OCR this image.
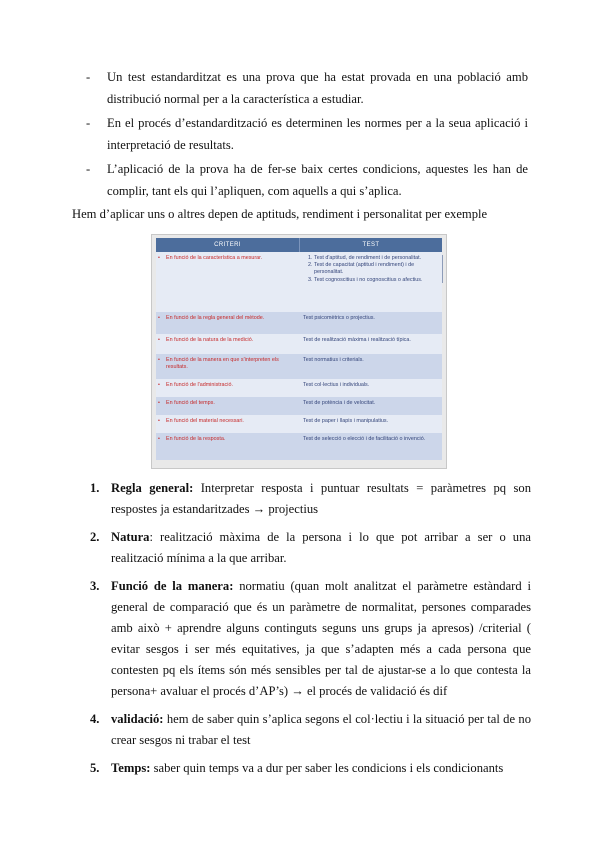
- Un test estandarditzat es una prova que ha estat provada en una població amb distribució normal per a la característica a estudiar.
- En el procés d’estandardització es determinen les normes per a la seua aplicació i interpretació de resultats.
- L’aplicació de la prova ha de fer-se baix certes condicions, aquestes les han de complir, tant els qui l’apliquen, com aquells a qui s’aplica.
Hem d’aplicar uns o altres depen de aptituds, rendiment i personalitat per exemple
CRITERI	TEST
•	En funció de la característica a mesurar.
1.	Test d'aptitud, de rendiment i de personalitat.
2. Test de capacitat (aptitud i rendiment) i de personalitat.
3. Test cognoscitius i no cognoscitius o afectius.
•	En funció de la regla general del mètode.	Test psicomètrics o projectius.
•	En funció de la natura de la medició.	Test de realització màxima i realització típica.
•	En funció de la manera en que s'interpreten els resultats.
Test normatius i criterials.
•	En funció de l'administració.	Test col·lectius i individuals.
•	En funció del temps.	Test de potència i de velocitat.
•	En funció del material necessari.	Test de paper i llapis i manipulatius.
•	En funció de la resposta.	Test de selecció o elecció i de facilitació o invenció.
1. Regla general: Interpretar resposta i puntuar resultats = paràmetres pq son respostes ja estandaritzades → projectius
2. Natura: realització màxima de la persona i lo que pot arribar a ser o una realització mínima a la que arribar.
3. Funció de la manera: normatiu (quan molt analitzat el paràmetre estàndard i general de comparació que és un paràmetre de normalitat, persones comparades amb això + aprendre alguns continguts seguns uns grups ja apresos) /criterial ( evitar sesgos i ser més equitatives, ja que s’adapten més a cada persona que contesten pq els ítems són més sensibles per tal de ajustar-se a lo que contesta la persona+ avaluar el procés d’AP’s) → el procés de validació és dif
4. validació: hem de saber quin s’aplica segons el col·lectiu i la situació per tal de no crear sesgos ni trabar el test
5. Temps: saber quin temps va a dur per saber les condicions i els condicionants
